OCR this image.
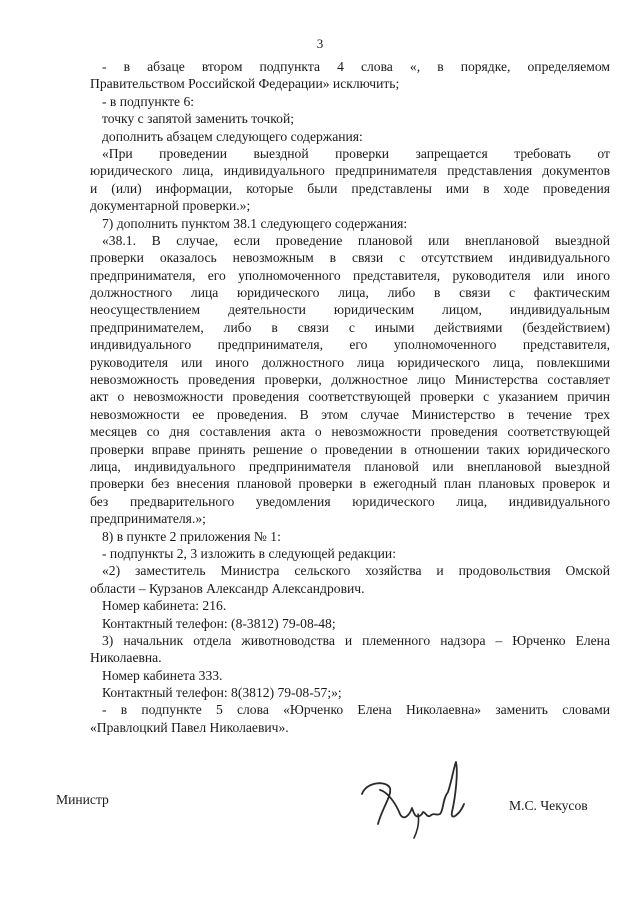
3
- в абзаце втором подпункта 4 слова «, в порядке, определяемом
Правительством Российской Федерации» исключить;
- в подпункте 6:
точку с запятой заменить точкой;
дополнить абзацем следующего содержания:
«При проведении выездной проверки запрещается требовать от
юридического лица, индивидуального предпринимателя представления документов
и (или) информации, которые были представлены ими в ходе проведения
документарной проверки.»;
7) дополнить пунктом 38.1 следующего содержания:
«38.1. В случае, если проведение плановой или внеплановой выездной
проверки оказалось невозможным в связи с отсутствием индивидуального
предпринимателя, его уполномоченного представителя, руководителя или иного
должностного лица юридического лица, либо в связи с фактическим
неосуществлением деятельности юридическим лицом, индивидуальным
предпринимателем, либо в связи с иными действиями (бездействием)
индивидуального предпринимателя, его уполномоченного представителя,
руководителя или иного должностного лица юридического лица, повлекшими
невозможность проведения проверки, должностное лицо Министерства составляет
акт о невозможности проведения соответствующей проверки с указанием причин
невозможности ее проведения. В этом случае Министерство в течение трех
месяцев со дня составления акта о невозможности проведения соответствующей
проверки вправе принять решение о проведении в отношении таких юридического
лица, индивидуального предпринимателя плановой или внеплановой выездной
проверки без внесения плановой проверки в ежегодный план плановых проверок и
без предварительного уведомления юридического лица, индивидуального
предпринимателя.»;
8) в пункте 2 приложения № 1:
- подпункты 2, 3 изложить в следующей редакции:
«2) заместитель Министра сельского хозяйства и продовольствия Омской
области – Курзанов Александр Александрович.
Номер кабинета: 216.
Контактный телефон: (8-3812) 79-08-48;
3) начальник отдела животноводства и племенного надзора – Юрченко Елена
Николаевна.
Номер кабинета 333.
Контактный телефон: 8(3812) 79-08-57;»;
- в подпункте 5 слова «Юрченко Елена Николаевна» заменить словами
«Правлоцкий Павел Николаевич».
Министр	М.С. Чекусов
